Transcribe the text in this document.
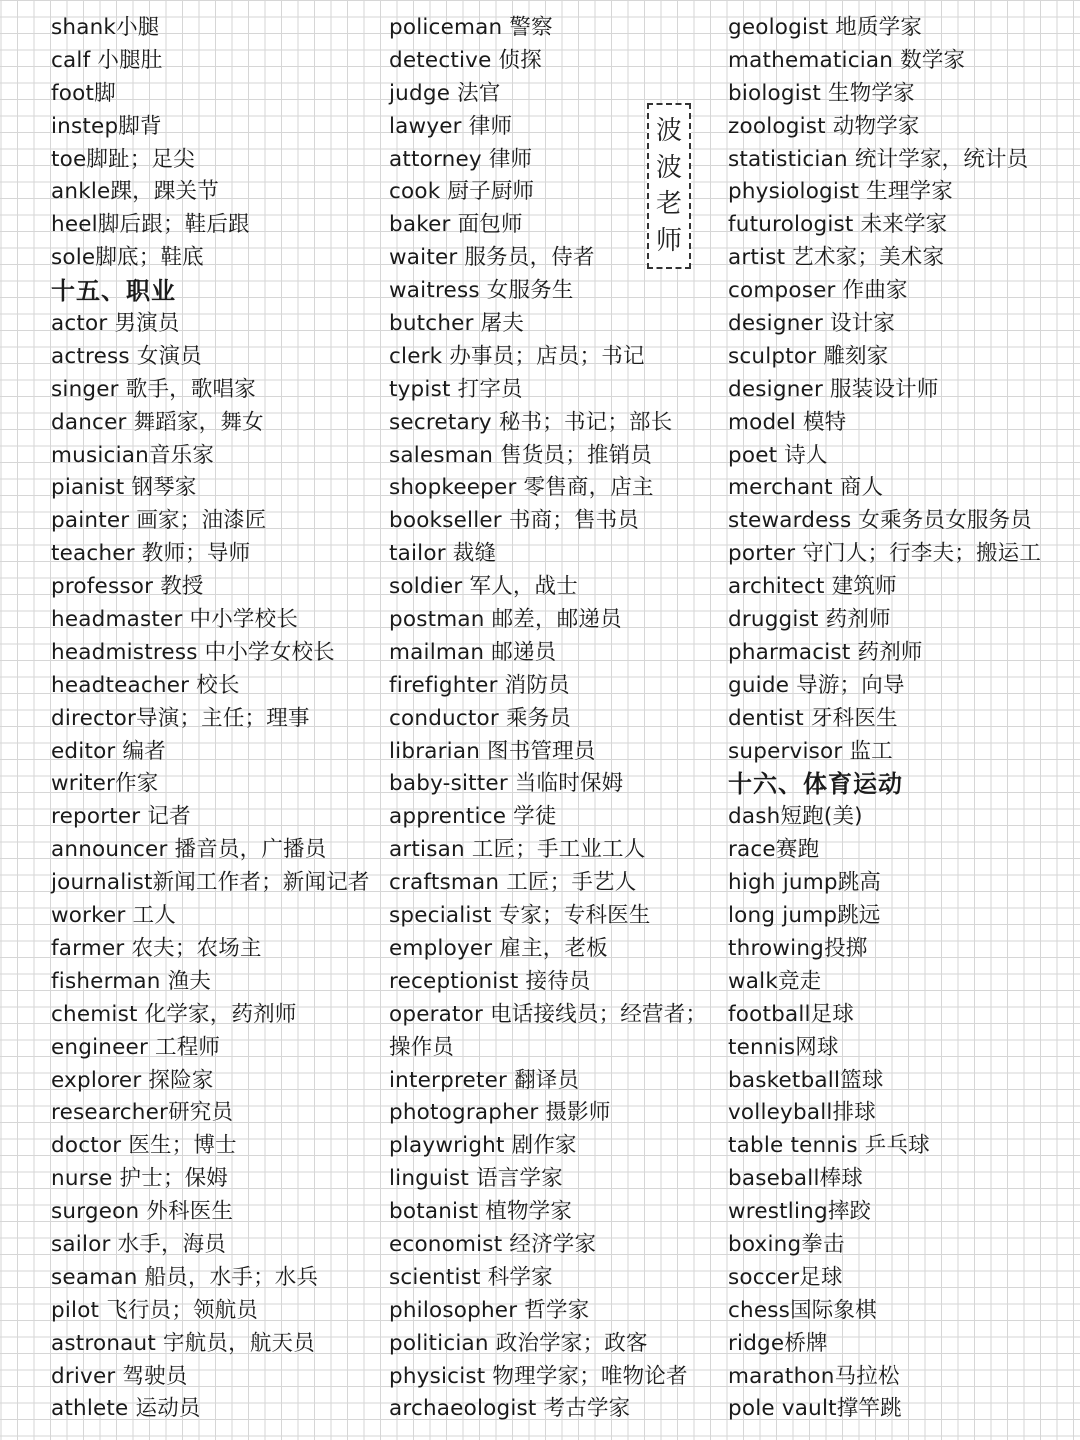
shank小腿
calf 小腿肚
foot脚
instep脚背
toe脚趾；足尖
ankle踝，踝关节
heel脚后跟；鞋后跟
sole脚底；鞋底
十五、职业
actor 男演员
actress 女演员
singer 歌手，歌唱家
dancer 舞蹈家，舞女
musician音乐家
pianist 钢琴家
painter 画家；油漆匠
teacher 教师；导师
professor 教授
headmaster 中小学校长
headmistress 中小学女校长
headteacher 校长
director导演；主任；理事
editor 编者
writer作家
reporter 记者
announcer 播音员，广播员
journalist新闻工作者；新闻记者
worker 工人
farmer 农夫；农场主
fisherman 渔夫
chemist 化学家，药剂师
engineer 工程师
explorer 探险家
researcher研究员
doctor 医生；博士
nurse 护士；保姆
surgeon 外科医生
sailor 水手，海员
seaman 船员，水手；水兵
pilot 飞行员；领航员
astronaut 宇航员，航天员
driver 驾驶员
athlete 运动员
policeman 警察
detective 侦探
judge 法官
lawyer 律师
attorney 律师
cook 厨子厨师
baker 面包师
waiter 服务员，侍者
waitress 女服务生
butcher 屠夫
clerk 办事员；店员；书记
typist 打字员
secretary 秘书；书记；部长
salesman 售货员；推销员
shopkeeper 零售商，店主
bookseller 书商；售书员
tailor 裁缝
soldier 军人，战士
postman 邮差，邮递员
mailman 邮递员
firefighter 消防员
conductor 乘务员
librarian 图书管理员
baby-sitter 当临时保姆
apprentice 学徒
artisan 工匠；手工业工人
craftsman 工匠；手艺人
specialist 专家；专科医生
employer 雇主，老板
receptionist 接待员
operator 电话接线员；经营者；
操作员
interpreter 翻译员
photographer 摄影师
playwright 剧作家
linguist 语言学家
botanist 植物学家
economist 经济学家
scientist 科学家
philosopher 哲学家
politician 政治学家；政客
physicist 物理学家；唯物论者
archaeologist 考古学家
geologist 地质学家
mathematician 数学家
biologist 生物学家
zoologist 动物学家
statistician 统计学家，统计员
physiologist 生理学家
futurologist 未来学家
artist 艺术家；美术家
composer 作曲家
designer 设计家
sculptor 雕刻家
designer 服装设计师
model 模特
poet 诗人
merchant 商人
stewardess 女乘务员女服务员
porter 守门人；行李夫；搬运工
architect 建筑师
druggist 药剂师
pharmacist 药剂师
guide 导游；向导
dentist 牙科医生
supervisor 监工
十六、体育运动
dash短跑(美)
race赛跑
high jump跳高
long jump跳远
throwing投掷
walk竞走
football足球
tennis网球
basketball篮球
volleyball排球
table tennis 乒乓球
baseball棒球
wrestling摔跤
boxing拳击
soccer足球
chess国际象棋
ridge桥牌
marathon马拉松
pole vault撑竿跳
波
波
老
师
